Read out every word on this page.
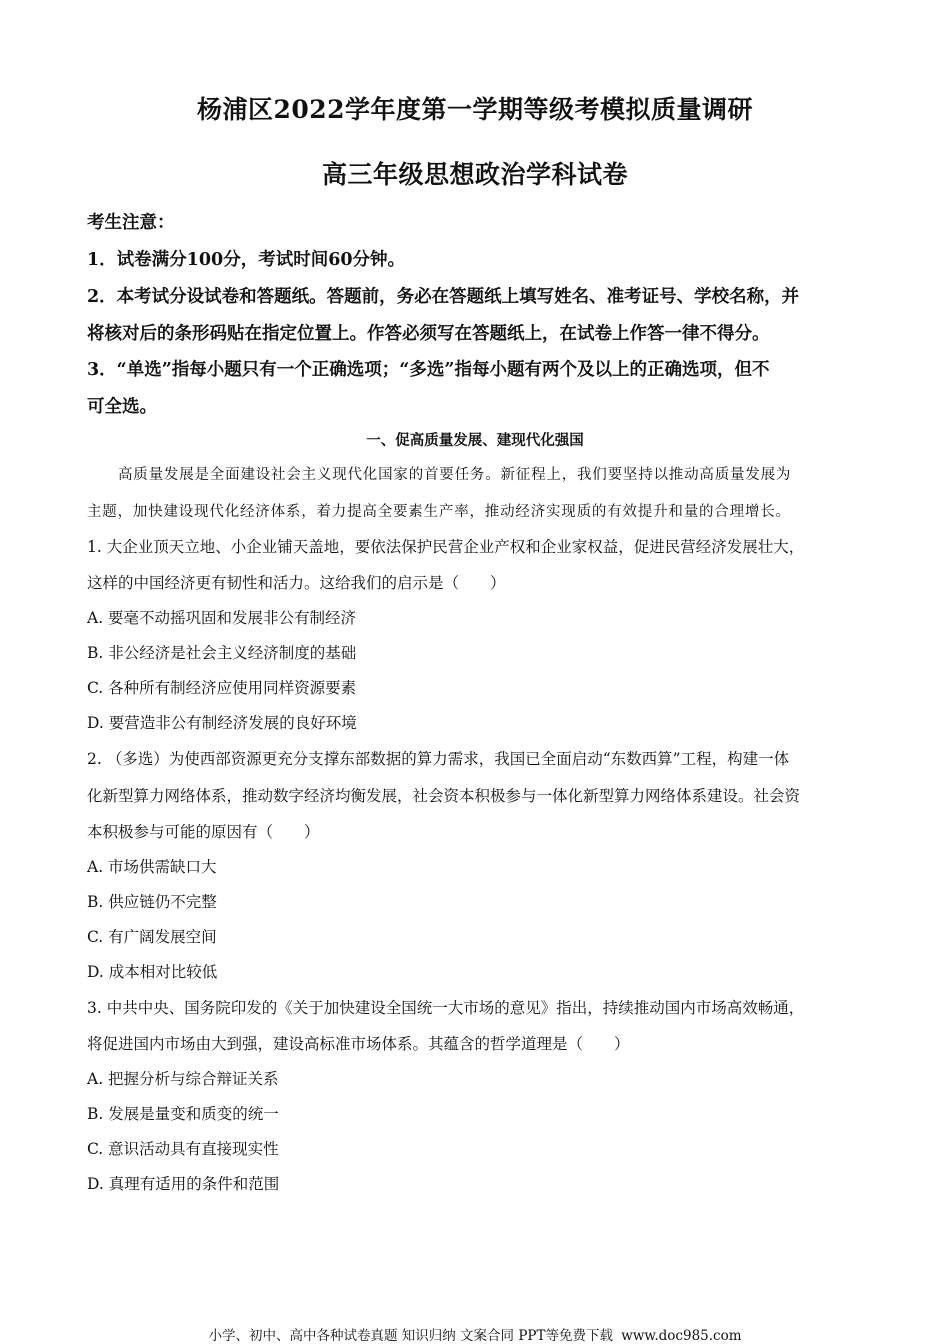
杨浦区2022学年度第一学期等级考模拟质量调研
高三年级思想政治学科试卷
考生注意：
1．试卷满分100分，考试时间60分钟。
2．本考试分设试卷和答题纸。答题前，务必在答题纸上填写姓名、准考证号、学校名称，并
将核对后的条形码贴在指定位置上。作答必须写在答题纸上，在试卷上作答一律不得分。
3．“单选”指每小题只有一个正确选项；“多选”指每小题有两个及以上的正确选项，但不
可全选。
一、促高质量发展、建现代化强国
高质量发展是全面建设社会主义现代化国家的首要任务。新征程上，我们要坚持以推动高质量发展为
主题，加快建设现代化经济体系，着力提高全要素生产率，推动经济实现质的有效提升和量的合理增长。
1. 大企业顶天立地、小企业铺天盖地，要依法保护民营企业产权和企业家权益，促进民营经济发展壮大，
这样的中国经济更有韧性和活力。这给我们的启示是（　　）
A. 要毫不动摇巩固和发展非公有制经济
B. 非公经济是社会主义经济制度的基础
C. 各种所有制经济应使用同样资源要素
D. 要营造非公有制经济发展的良好环境
2. （多选）为使西部资源更充分支撑东部数据的算力需求，我国已全面启动“东数西算”工程，构建一体
化新型算力网络体系，推动数字经济均衡发展，社会资本积极参与一体化新型算力网络体系建设。社会资
本积极参与可能的原因有（　　）
A. 市场供需缺口大
B. 供应链仍不完整
C. 有广阔发展空间
D. 成本相对比较低
3. 中共中央、国务院印发的《关于加快建设全国统一大市场的意见》指出，持续推动国内市场高效畅通，
将促进国内市场由大到强，建设高标准市场体系。其蕴含的哲学道理是（　　）
A. 把握分析与综合辩证关系
B. 发展是量变和质变的统一
C. 意识活动具有直接现实性
D. 真理有适用的条件和范围
小学、初中、高中各种试卷真题 知识归纳 文案合同 PPT等免费下载 www.doc985.com
